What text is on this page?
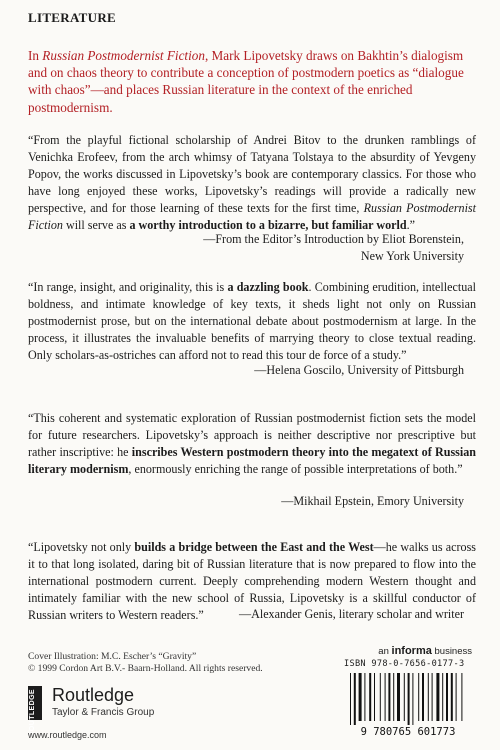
LITERATURE
In Russian Postmodernist Fiction, Mark Lipovetsky draws on Bakhtin’s dialogism and on chaos theory to contribute a conception of postmodern poetics as “dialogue with chaos”—and places Russian literature in the context of the enriched postmodernism.
“From the playful fictional scholarship of Andrei Bitov to the drunken ramblings of Venichka Erofeev, from the arch whimsy of Tatyana Tolstaya to the absurdity of Yevgeny Popov, the works discussed in Lipovetsky’s book are contemporary classics. For those who have long enjoyed these works, Lipovetsky’s readings will provide a radically new perspective, and for those learning of these texts for the first time, Russian Postmodernist Fiction will serve as a worthy introduction to a bizarre, but familiar world.”
—From the Editor’s Introduction by Eliot Borenstein,
New York University
“In range, insight, and originality, this is a dazzling book. Combining erudition, intellectual boldness, and intimate knowledge of key texts, it sheds light not only on Russian postmodernist prose, but on the international debate about postmodernism at large. In the process, it illustrates the invaluable benefits of marrying theory to close textual reading. Only scholars-as-ostriches can afford not to read this tour de force of a study.”
—Helena Goscilo, University of Pittsburgh
“This coherent and systematic exploration of Russian postmodernist fiction sets the model for future researchers. Lipovetsky’s approach is neither descriptive nor prescriptive but rather inscriptive: he inscribes Western postmodern theory into the megatext of Russian literary modernism, enormously enriching the range of possible interpretations of both.”
—Mikhail Epstein, Emory University
“Lipovetsky not only builds a bridge between the East and the West—he walks us across it to that long isolated, daring bit of Russian literature that is now prepared to flow into the international postmodern current. Deeply comprehending modern Western thought and intimately familiar with the new school of Russia, Lipovetsky is a skillful conductor of Russian writers to Western readers.”	—Alexander Genis, literary scholar and writer
Cover Illustration: M.C. Escher’s “Gravity”
© 1999 Cordon Art B.V.- Baarn-Holland. All rights reserved.
ROUTLEDGE Routledge
Taylor & Francis Group
www.routledge.com
an informa business
ISBN 978-0-7656-0177-3
9 780765 601773
